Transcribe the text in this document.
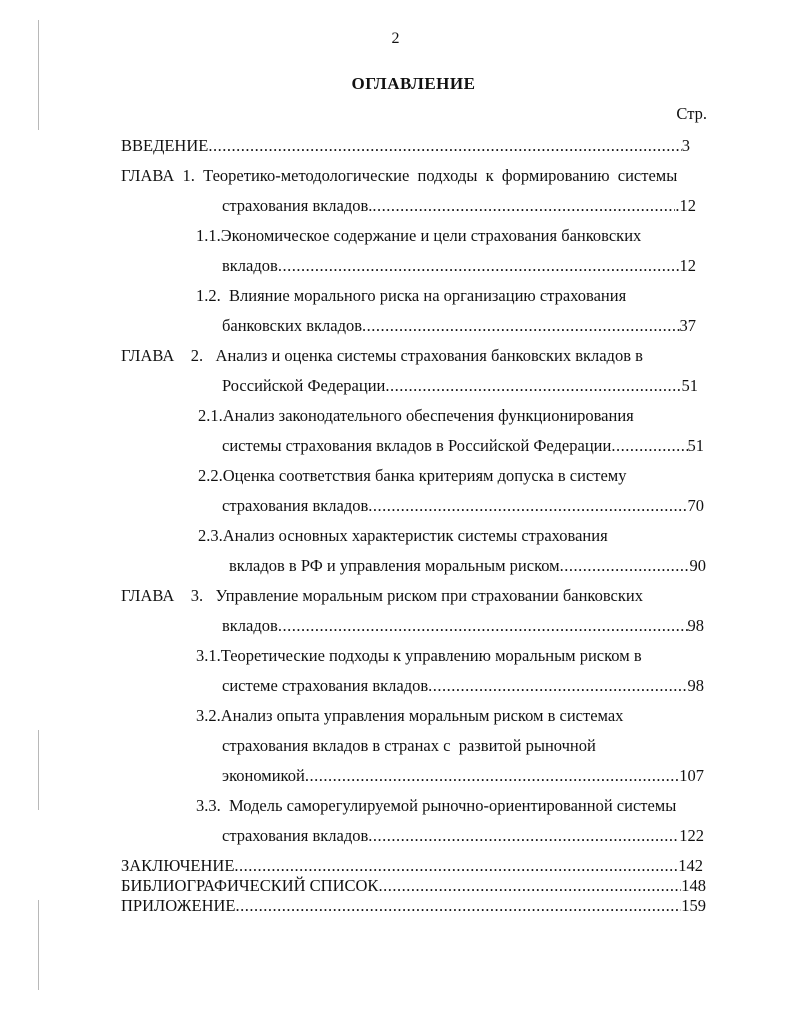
2
ОГЛАВЛЕНИЕ
Стр.
ВВЕДЕНИЕ .....	3
ГЛАВА  1.  Теоретико-методологические  подходы  к  формированию  системы
страхования вкладов. .....	.12
1.1.Экономическое содержание и цели страхования банковских
вкладов .....	12
1.2.  Влияние морального риска на организацию страхования
банковских вкладов .....	37
ГЛАВА    2.   Анализ и оценка системы страхования банковских вкладов в
Российской Федерации .....	51
2.1.Анализ законодательного обеспечения функционирования
системы страхования вкладов в Российской Федерации .....	51
2.2.Оценка соответствия банка критериям допуска в систему
страхования вкладов .....	70
2.3.Анализ основных характеристик системы страхования
вкладов в РФ и управления моральным риском .....	90
ГЛАВА    3.   Управление моральным риском при страховании банковских
вкладов .....	98
3.1.Теоретические подходы к управлению моральным риском в
системе страхования вкладов .....	98
3.2.Анализ опыта управления моральным риском в системах
страхования вкладов в странах с  развитой рыночной
экономикой .....	107
3.3.  Модель саморегулируемой рыночно-ориентированной системы
страхования вкладов .....	122
ЗАКЛЮЧЕНИЕ .....	142
БИБЛИОГРАФИЧЕСКИЙ СПИСОК .....	148
ПРИЛОЖЕНИЕ .....	159
